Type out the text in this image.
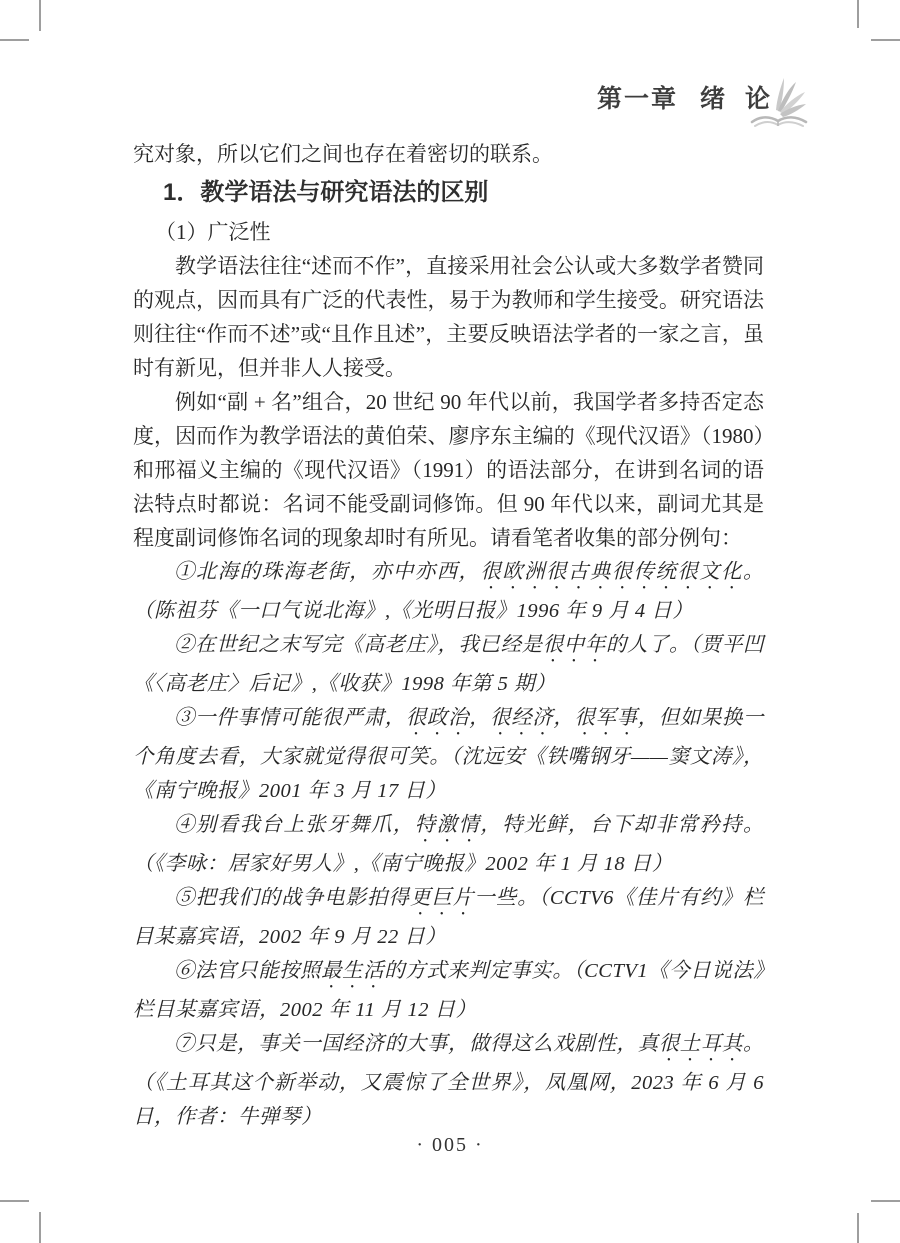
第一章 绪 论

究对象，所以它们之间也存在着密切的联系。

1．教学语法与研究语法的区别

（1）广泛性

教学语法往往“述而不作”，直接采用社会公认或大多数学者赞同的观点，因而具有广泛的代表性，易于为教师和学生接受。研究语法则往往“作而不述”或“且作且述”，主要反映语法学者的一家之言，虽时有新见，但并非人人接受。

例如“副 + 名”组合，20 世纪 90 年代以前，我国学者多持否定态度，因而作为教学语法的黄伯荣、廖序东主编的《现代汉语》（1980）和邢福义主编的《现代汉语》（1991）的语法部分，在讲到名词的语法特点时都说：名词不能受副词修饰。但 90 年代以来，副词尤其是程度副词修饰名词的现象却时有所见。请看笔者收集的部分例句：

①北海的珠海老街，亦中亦西，很欧洲很古典很传统很文化。（陈祖芬《一口气说北海》,《光明日报》1996 年 9 月 4 日）

②在世纪之末写完《高老庄》，我已经是很中年的人了。（贾平凹《〈高老庄〉后记》,《收获》1998 年第 5 期）

③一件事情可能很严肃，很政治，很经济，很军事，但如果换一个角度去看，大家就觉得很可笑。（沈远安《铁嘴钢牙——窦文涛》，《南宁晚报》2001 年 3 月 17 日）

④别看我台上张牙舞爪，特激情，特光鲜，台下却非常矜持。（《李咏：居家好男人》,《南宁晚报》2002 年 1 月 18 日）

⑤把我们的战争电影拍得更巨片一些。（CCTV6《佳片有约》栏目某嘉宾语，2002 年 9 月 22 日）

⑥法官只能按照最生活的方式来判定事实。（CCTV1《今日说法》栏目某嘉宾语，2002 年 11 月 12 日）

⑦只是，事关一国经济的大事，做得这么戏剧性，真很土耳其。（《土耳其这个新举动，又震惊了全世界》，凤凰网，2023 年 6 月 6 日，作者：牛弹琴）

· 005 ·
